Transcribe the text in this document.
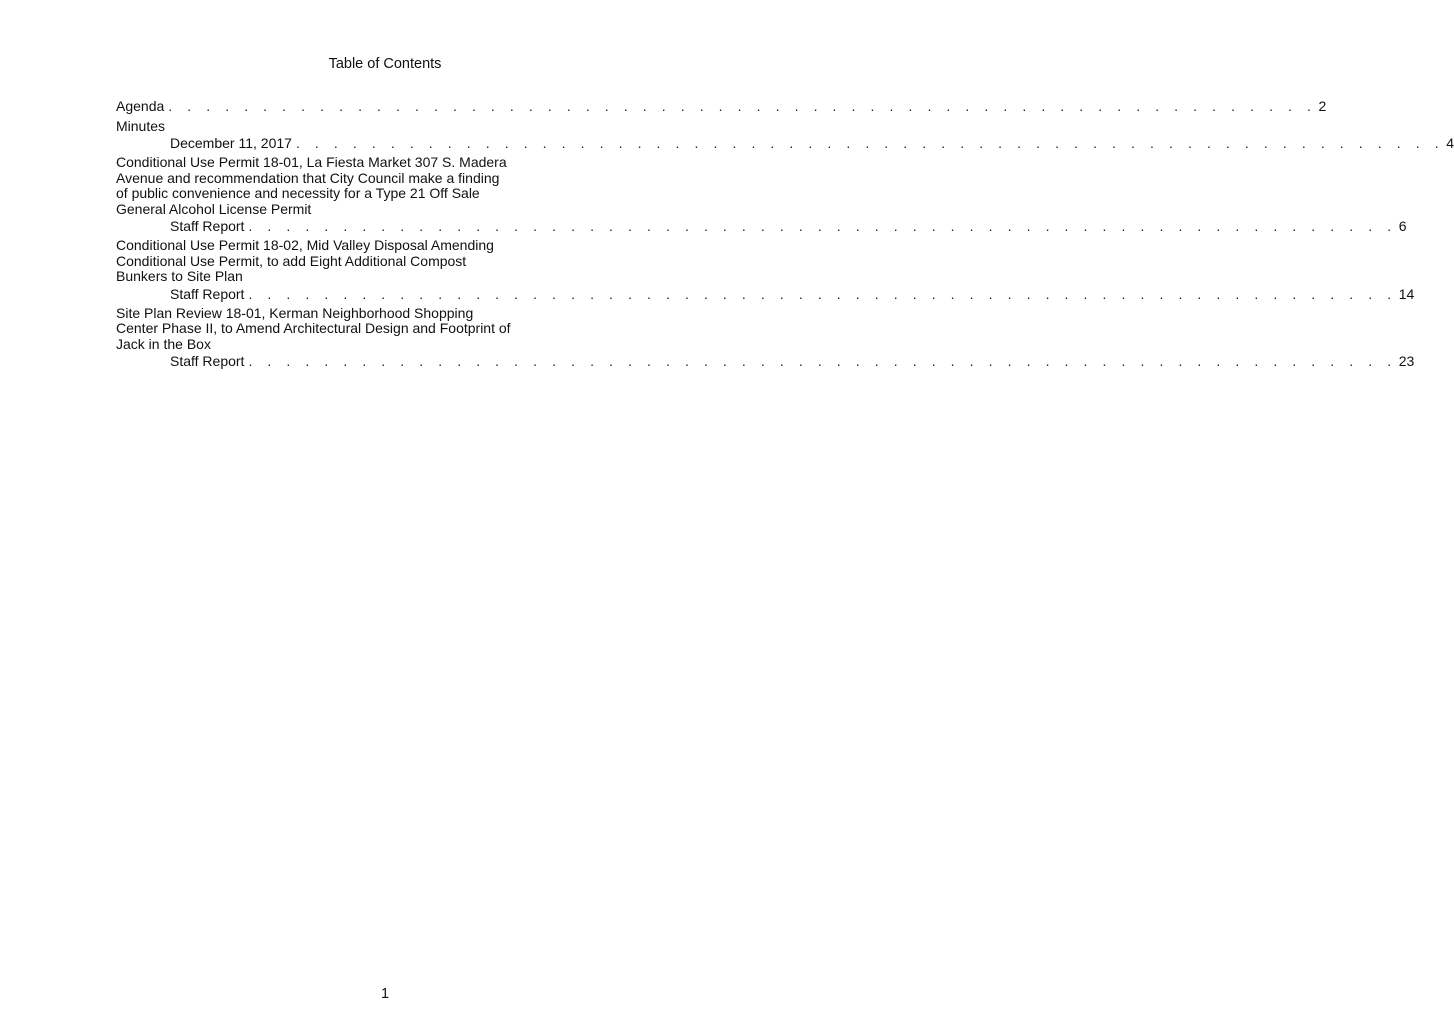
Table of Contents
Agenda . . . . . . . . . . . . . . . . . . . . . . . . . . . . . . . . . . . . . . . . . . . . . . . . . . . . . . . . . . . . . 2
Minutes
December 11, 2017 . . . . . . . . . . . . . . . . . . . . . . . . . . . . . . . . . . . . . . . . . . . . . . . . . . . . . . . . . . . . . 4
Conditional Use Permit 18-01, La Fiesta Market 307 S. Madera
Avenue and recommendation that City Council make a finding
of public convenience and necessity for a Type 21 Off Sale
General Alcohol License Permit
Staff Report . . . . . . . . . . . . . . . . . . . . . . . . . . . . . . . . . . . . . . . . . . . . . . . . . . . . . . . . . . . . . 6
Conditional Use Permit 18-02, Mid Valley Disposal Amending
Conditional Use Permit, to add Eight Additional Compost
Bunkers to Site Plan
Staff Report . . . . . . . . . . . . . . . . . . . . . . . . . . . . . . . . . . . . . . . . . . . . . . . . . . . . . . . . . . . . . 14
Site Plan Review 18-01, Kerman Neighborhood Shopping
Center Phase II, to Amend Architectural Design and Footprint of
Jack in the Box
Staff Report . . . . . . . . . . . . . . . . . . . . . . . . . . . . . . . . . . . . . . . . . . . . . . . . . . . . . . . . . . . . . 23
1
